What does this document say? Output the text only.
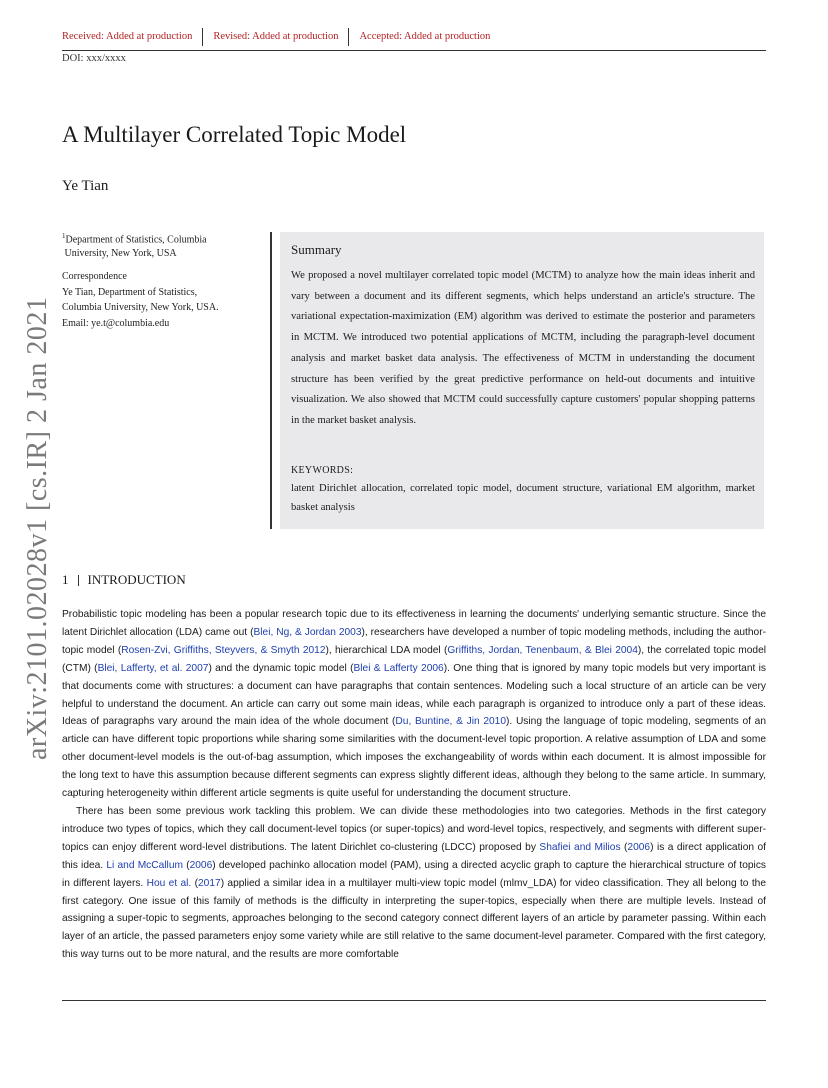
Received: Added at production Revised: Added at production Accepted: Added at production
DOI: xxx/xxxx
A Multilayer Correlated Topic Model
Ye Tian
$^1$Department of Statistics, Columbia
University, New York, USA
Correspondence
Ye Tian, Department of Statistics,
Columbia University, New York, USA.
Email: ye.t@columbia.edu
Summary
We proposed a novel multilayer correlated topic model (MCTM) to analyze how the main ideas inherit and vary between a document and its different segments, which helps understand an article's structure. The variational expectation-maximization (EM) algorithm was derived to estimate the posterior and parameters in MCTM. We introduced two potential applications of MCTM, including the paragraph-level document analysis and market basket data analysis. The effectiveness of MCTM in understanding the document structure has been verified by the great predictive performance on held-out documents and intuitive visualization. We also showed that MCTM could successfully capture customers' popular shopping patterns in the market basket analysis.
KEYWORDS:
latent Dirichlet allocation, correlated topic model, document structure, variational EM algorithm, market basket analysis
arXiv:2101.02028v1 [cs.IR] 2 Jan 2021 1 INTRODUCTION

Probabilistic topic modeling has been a popular research topic due to its effectiveness in learning the documents' underlying semantic structure. Since the latent Dirichlet allocation (LDA) came out (Blei, Ng, & Jordan 2003), researchers have developed a number of topic modeling methods, including the author-topic model (Rosen-Zvi, Griffiths, Steyvers, & Smyth 2012), hierarchical LDA model (Griffiths, Jordan, Tenenbaum, & Blei 2004), the correlated topic model (CTM) (Blei, Lafferty, et al. 2007) and the dynamic topic model (Blei & Lafferty 2006). One thing that is ignored by many topic models but very important is that documents come with structures: a document can have paragraphs that contain sentences. Modeling such a local structure of an article can be very helpful to understand the document. An article can carry out some main ideas, while each paragraph is organized to introduce only a part of these ideas. Ideas of paragraphs vary around the main idea of the whole document (Du, Buntine, & Jin 2010). Using the language of topic modeling, segments of an article can have different topic proportions while sharing some similarities with the document-level topic proportion. A relative assumption of LDA and some other document-level models is the out-of-bag assumption, which imposes the exchangeability of words within each document. It is almost impossible for the long text to have this assumption because different segments can express slightly different ideas, although they belong to the same article. In summary, capturing heterogeneity within different article segments is quite useful for understanding the document structure.

There has been some previous work tackling this problem. We can divide these methodologies into two categories. Methods in the first category introduce two types of topics, which they call document-level topics (or super-topics) and word-level topics, respectively, and segments with different super-topics can enjoy different word-level distributions. The latent Dirichlet co-clustering (LDCC) proposed by Shafiei and Milios (2006) is a direct application of this idea. Li and McCallum (2006) developed pachinko allocation model (PAM), using a directed acyclic graph to capture the hierarchical structure of topics in different layers. Hou et al. (2017) applied a similar idea in a multilayer multi-view topic model (mlmv_LDA) for video classification. They all belong to the first category. One issue of this family of methods is the difficulty in interpreting the super-topics, especially when there are multiple levels. Instead of assigning a super-topic to segments, approaches belonging to the second category connect different layers of an article by parameter passing. Within each layer of an article, the passed parameters enjoy some variety while are still relative to the same document-level parameter. Compared with the first category, this way turns out to be more natural, and the results are more comfortable
